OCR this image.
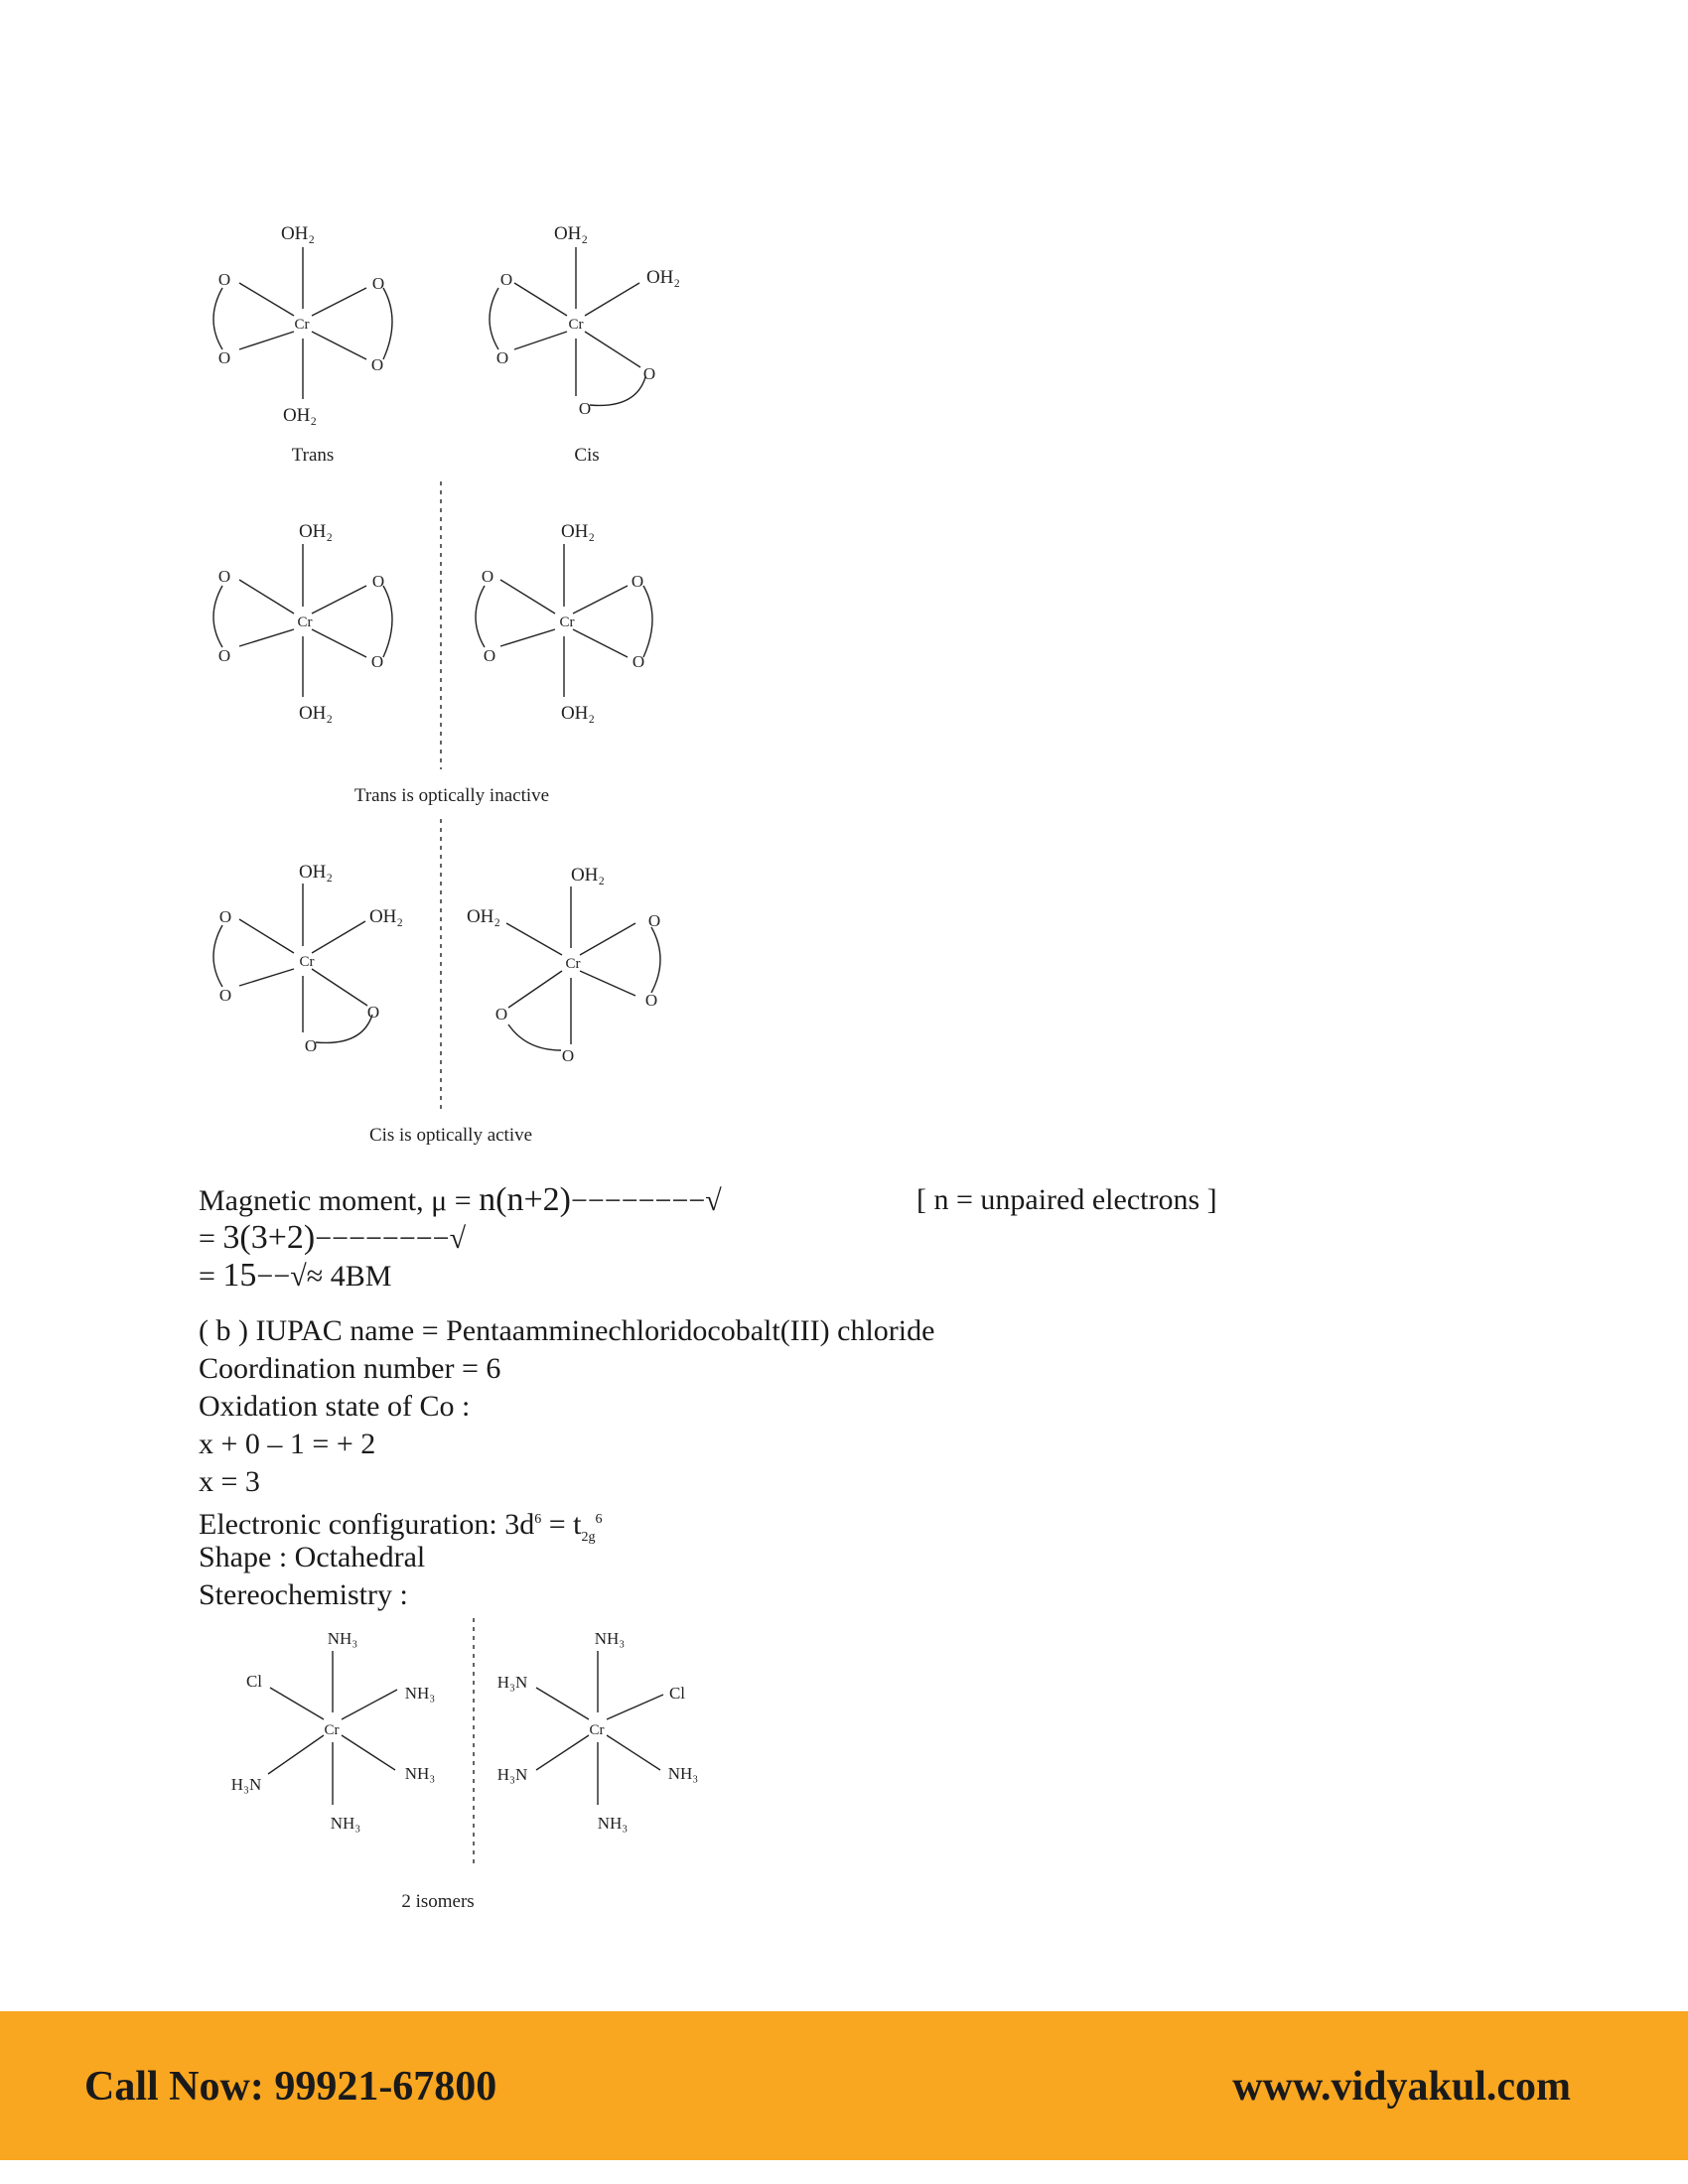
OH₂
Cr
OH₂
O
O
O
O
Trans
OH₂
Cr
OH₂
O
O
O
O
Cis
OH₂
Cr
OH₂
O
O
O
O
OH₂
Cr
OH₂
O
O
O
O
Trans is optically inactive
OH₂
Cr
OH₂
O
O
O
O
OH₂
Cr
OH₂	O
O
O
O
Cis is optically active
NH₃
Cr
Cl
NH₃
NH₃
H₃N
NH₃
NH₃
Cr
H₃N
Cl
NH₃
H₃N
NH₃
2 isomers
Magnetic moment, μ = n(n+2)−−−−−−−−√	[ n = unpaired electrons ]
= 3(3+2)−−−−−−−−√
= 15−−√≈ 4BM
( b ) IUPAC name = Pentaamminechloridocobalt(III) chloride
Coordination number = 6
Oxidation state of Co :
x + 0 – 1 = + 2
x = 3
Electronic configuration: $3d^6 = t_{2g}^6$
Shape : Octahedral
Stereochemistry :
Call Now: 99921-67800	www.vidyakul.com
